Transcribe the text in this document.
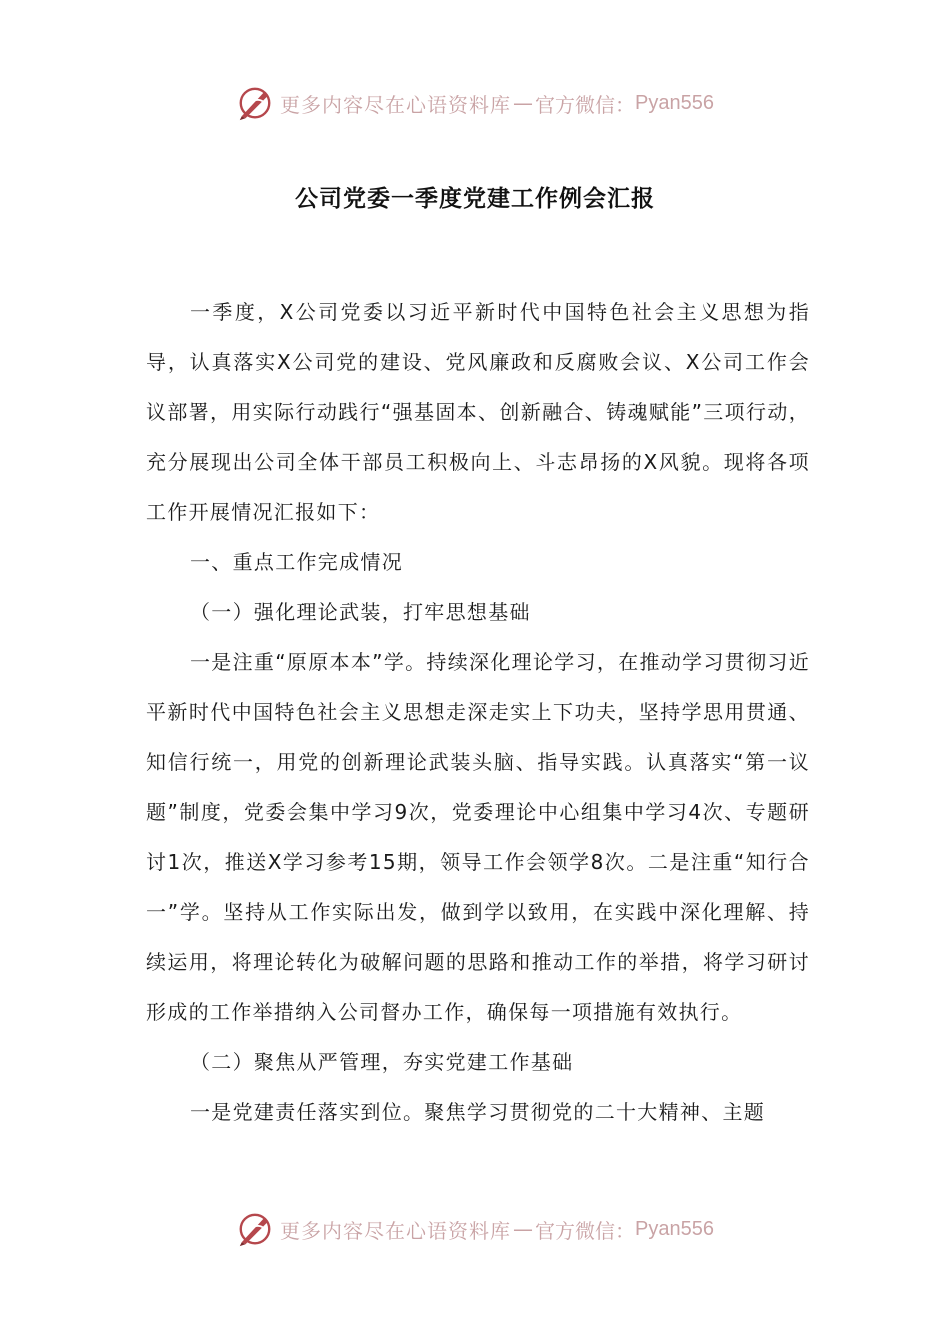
更多内容尽在心语资料库 — 官方微信： Pyan556
公司党委一季度党建工作例会汇报

一季度，X公司党委以习近平新时代中国特色社会主义思想为指导，认真落实X公司党的建设、党风廉政和反腐败会议、X公司工作会议部署，用实际行动践行“强基固本、创新融合、铸魂赋能”三项行动，充分展现出公司全体干部员工积极向上、斗志昂扬的X风貌。现将各项工作开展情况汇报如下：

一、重点工作完成情况

（一）强化理论武装，打牢思想基础

一是注重“原原本本”学。持续深化理论学习，在推动学习贯彻习近平新时代中国特色社会主义思想走深走实上下功夫，坚持学思用贯通、知信行统一，用党的创新理论武装头脑、指导实践。认真落实“第一议题”制度，党委会集中学习9次，党委理论中心组集中学习4次、专题研讨1次，推送X学习参考15期，领导工作会领学8次。二是注重“知行合一”学。坚持从工作实际出发，做到学以致用，在实践中深化理解、持续运用，将理论转化为破解问题的思路和推动工作的举措，将学习研讨形成的工作举措纳入公司督办工作，确保每一项措施有效执行。

（二）聚焦从严管理，夯实党建工作基础

一是党建责任落实到位。聚焦学习贯彻党的二十大精神、主题

更多内容尽在心语资料库 — 官方微信： Pyan556
